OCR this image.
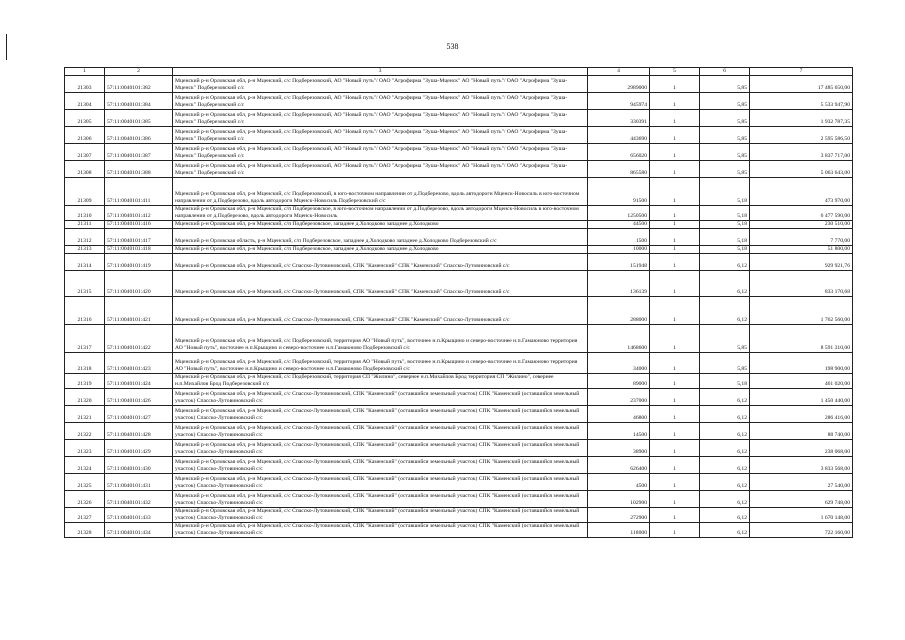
538
1	2	3	4	5	6	7
21303	57:11:0040101:382	Мценский р-н Орловская обл, р-н Мценский, с/с Подберезовский, АО "Новый путь"/ ОАО "Агрофирма "Зуша-Мценск" АО "Новый путь"/ ОАО "Агрофирма "Зуша-Мценск" Подберезовский с/с	2989000	1	5,85	17 485 650,00
21304	57:11:0040101:384	Мценский р-н Орловская обл, р-н Мценский, с/с Подберезовский, АО "Новый путь"/ ОАО "Агрофирма "Зуша-Мценск" АО "Новый путь"/ ОАО "Агрофирма "Зуша-Мценск" Подберезовский с/с	945974	1	5,85	5 533 947,90
21305	57:11:0040101:385	Мценский р-н Орловская обл, р-н Мценский, с/с Подберезовский, АО "Новый путь"/ ОАО "Агрофирма "Зуша-Мценск" АО "Новый путь"/ ОАО "Агрофирма "Зуша-Мценск" Подберезовский с/с	330391	1	5,85	1 932 787,35
21306	57:11:0040101:386	Мценский р-н Орловская обл, р-н Мценский, с/с Подберезовский, АО "Новый путь"/ ОАО "Агрофирма "Зуша-Мценск" АО "Новый путь"/ ОАО "Агрофирма "Зуша-Мценск" Подберезовский с/с	443690	1	5,85	2 595 586,50
21307	57:11:0040101:387	Мценский р-н Орловская обл, р-н Мценский, с/с Подберезовский, АО "Новый путь"/ ОАО "Агрофирма "Зуша-Мценск" АО "Новый путь"/ ОАО "Агрофирма "Зуша-Мценск" Подберезовский с/с	656020	1	5,85	3 837 717,00
21308	57:11:0040101:388	Мценский р-н Орловская обл, р-н Мценский, с/с Подберезовский, АО "Новый путь"/ ОАО "Агрофирма "Зуша-Мценск" АО "Новый путь"/ ОАО "Агрофирма "Зуша-Мценск" Подберезовский с/с	865580	1	5,85	5 063 643,00
21309	57:11:0040101:411	Мценский р-н Орловская обл, р-н Мценский, с/с Подберезовский, в юго-восточном направлении от д.Подберезово, вдоль автодороги Мценск-Новосиль в юго-восточном направлении от д.Подберезово, вдоль автодороги Мценск-Новосиль Подберезовский с/с	91500	1	5,18	473 970,00
21310	57:11:0040101:412	Мценский р-н Орловская обл, р-н Мценский, с/п Подберезовское, в юго-восточном направлении от д.Подберезово, вдоль автодороги Мценск-Новосиль в юго-восточном направлении от д.Подберезово, вдоль автодороги Мценск-Новосиль	1250500	1	5,18	6 477 590,00
21311	57:11:0040101:416	Мценский р-н Орловская обл, р-н Мценский, с/п Подберезовское, западнее д.Холодково западнее д.Холодково	44500	1	5,18	230 510,00
21312	57:11:0040101:417	Мценский р-н Орловская область, р-н Мценский, с/п Подберезовское, западнее д.Холодково западнее д.Холодково Подберезовский с/с	1500	1	5,18	7 770,00
21313	57:11:0040101:418	Мценский р-н Орловская обл, р-н Мценский, с/п Подберезовское, западнее д.Холодково западнее д.Холодково	10000	1	5,18	51 800,00
21314	57:11:0040101:419	Мценский р-н Орловская обл, р-н Мценский, с/с Спасско-Лутовиновский, СПК "Каменский" СПК "Каменский" Спасско-Лутовиновский с/с	151948	1	6,12	929 921,76
21315	57:11:0040101:420	Мценский р-н Орловская обл, р-н Мценский, с/с Спасско-Лутовиновский, СПК "Каменский" СПК "Каменский" Спасско-Лутовиновский с/с	136139	1	6,12	833 170,68
21316	57:11:0040101:421	Мценский р-н Орловская обл, р-н Мценский, с/с Спасско-Лутовиновский, СПК "Каменский" СПК "Каменский" Спасско-Лутовиновский с/с	288000	1	6,12	1 762 560,00
21317	57:11:0040101:422	Мценский р-н Орловская обл, р-н Мценский, с/с Подберезовский, территория АО "Новый путь", восточнее н.п.Крыщино и северо-восточнее н.п.Гамаюново территория АО "Новый путь", восточнее н.п.Крыщино и северо-восточнее н.п.Гамаюново Подберезовский с/с	1468600	1	5,85	8 591 310,00
21318	57:11:0040101:423	Мценский р-н Орловская обл, р-н Мценский, с/с Подберезовский, территория АО "Новый путь", восточнее н.п.Крыщино и северо-восточнее н.п.Гамаюново территория АО "Новый путь", восточнее н.п.Крыщино и северо-восточнее н.п.Гамаюново Подберезовский с/с	34000	1	5,85	198 900,00
21319	57:11:0040101:424	Мценский р-н Орловская обл, р-н Мценский, с/с Подберезовский, территория СП "Жилино", севернее н.п.Михайлов Брод территория СП "Жилино", севернее н.п.Михайлов Брод Подберезовский с/с	89000	1	5,18	461 020,00
21320	57:11:0040101:426	Мценский р-н Орловская обл, р-н Мценский, с/с Спасско-Лутовиновский, СПК "Каменский" (оставшийся земельный участок) СПК "Каменский (оставшийся земельный участок) Спасско-Лутовиновский с/с	237000	1	6,12	1 450 440,00
21321	57:11:0040101:427	Мценский р-н Орловская обл, р-н Мценский, с/с Спасско-Лутовиновский, СПК "Каменский" (оставшийся земельный участок) СПК "Каменский (оставшийся земельный участок) Спасско-Лутовиновский с/с	46800	1	6,12	286 416,00
21322	57:11:0040101:428	Мценский р-н Орловская обл, р-н Мценский, с/с Спасско-Лутовиновский, СПК "Каменский" (оставшийся земельный участок) СПК "Каменский (оставшийся земельный участок) Спасско-Лутовиновский с/с	14500	1	6,12	88 740,00
21323	57:11:0040101:429	Мценский р-н Орловская обл, р-н Мценский, с/с Спасско-Лутовиновский, СПК "Каменский" (оставшийся земельный участок) СПК "Каменский (оставшийся земельный участок) Спасско-Лутовиновский с/с	38900	1	6,12	238 068,00
21324	57:11:0040101:430	Мценский р-н Орловская обл, р-н Мценский, с/с Спасско-Лутовиновский, СПК "Каменский" (оставшийся земельный участок) СПК "Каменский (оставшийся земельный участок) Спасско-Лутовиновский с/с	626400	1	6,12	3 833 568,00
21325	57:11:0040101:431	Мценский р-н Орловская обл, р-н Мценский, с/с Спасско-Лутовиновский, СПК "Каменский" (оставшийся земельный участок) СПК "Каменский (оставшийся земельный участок) Спасско-Лутовиновский с/с	4500	1	6,12	27 540,00
21326	57:11:0040101:432	Мценский р-н Орловская обл, р-н Мценский, с/с Спасско-Лутовиновский, СПК "Каменский" (оставшийся земельный участок) СПК "Каменский (оставшийся земельный участок) Спасско-Лутовиновский с/с	102900	1	6,12	629 748,00
21327	57:11:0040101:433	Мценский р-н Орловская обл, р-н Мценский, с/с Спасско-Лутовиновский, СПК "Каменский" (оставшийся земельный участок) СПК "Каменский (оставшийся земельный участок) Спасско-Лутовиновский с/с	272900	1	6,12	1 670 148,00
21328	57:11:0040101:434	Мценский р-н Орловская обл, р-н Мценский, с/с Спасско-Лутовиновский, СПК "Каменский" (оставшийся земельный участок) СПК "Каменский (оставшийся земельный участок) Спасско-Лутовиновский с/с	118000	1	6,12	722 160,00
